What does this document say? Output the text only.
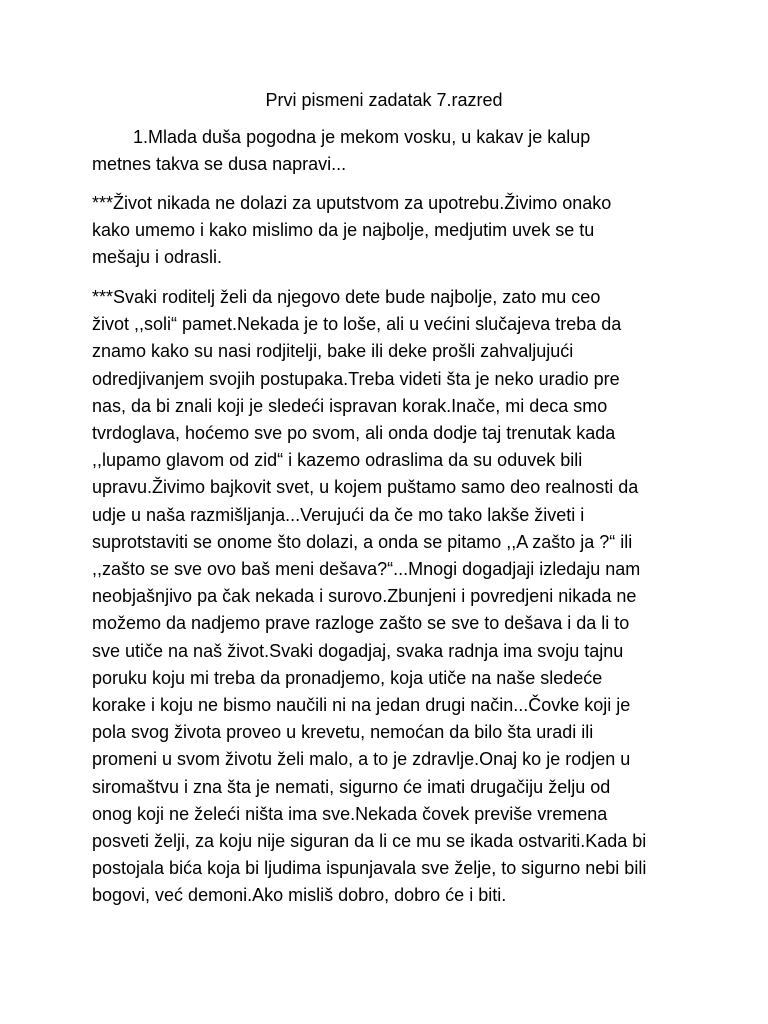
Prvi pismeni zadatak 7.razred
1.Mlada duša pogodna je mekom vosku, u kakav je kalup
metnes takva se dusa napravi...
***Život nikada ne dolazi za uputstvom za upotrebu.Živimo onako
kako umemo i kako mislimo da je najbolje, medjutim uvek se tu
mešaju i odrasli.
***Svaki roditelj želi da njegovo dete bude najbolje, zato mu ceo
život ,,soli“ pamet.Nekada je to loše, ali u većini slučajeva treba da
znamo kako su nasi rodjitelji, bake ili deke prošli zahvaljujući
odredjivanjem svojih postupaka.Treba videti šta je neko uradio pre
nas, da bi znali koji je sledeći ispravan korak.Inače, mi deca smo
tvrdoglava, hoćemo sve po svom, ali onda dodje taj trenutak kada
,,lupamo glavom od zid“ i kazemo odraslima da su oduvek bili
upravu.Živimo bajkovit svet, u kojem puštamo samo deo realnosti da
udje u naša razmišljanja...Verujući da če mo tako lakše živeti i
suprotstaviti se onome što dolazi, a onda se pitamo ,,A zašto ja ?“ ili
,,zašto se sve ovo baš meni dešava?“...Mnogi dogadjaji izledaju nam
neobjašnjivo pa čak nekada i surovo.Zbunjeni i povredjeni nikada ne
možemo da nadjemo prave razloge zašto se sve to dešava i da li to
sve utiče na naš život.Svaki dogadjaj, svaka radnja ima svoju tajnu
poruku koju mi treba da pronadjemo, koja utiče na naše sledeće
korake i koju ne bismo naučili ni na jedan drugi način...Čovke koji je
pola svog života proveo u krevetu, nemoćan da bilo šta uradi ili
promeni u svom životu želi malo, a to je zdravlje.Onaj ko je rodjen u
siromaštvu i zna šta je nemati, sigurno će imati drugačiju želju od
onog koji ne želeći ništa ima sve.Nekada čovek previše vremena
posveti želji, za koju nije siguran da li ce mu se ikada ostvariti.Kada bi
postojala bića koja bi ljudima ispunjavala sve želje, to sigurno nebi bili
bogovi, već demoni.Ako misliš dobro, dobro će i biti.
